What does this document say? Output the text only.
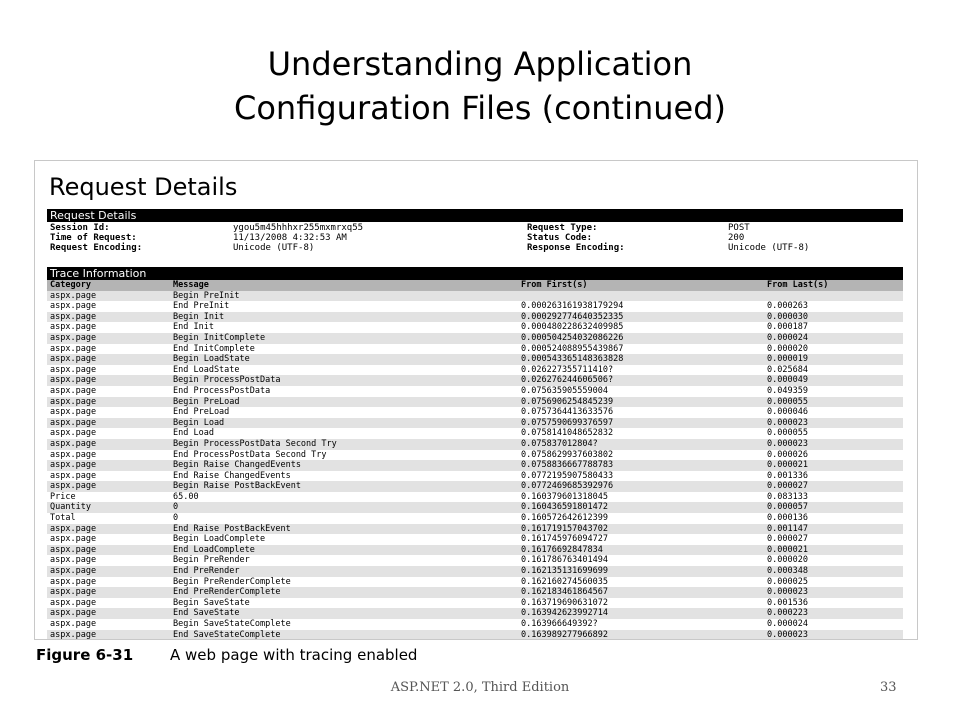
Understanding Application
Configuration Files (continued)
Request Details
Request Details
Session Id:	ygou5m45hhhxr255mxmrxq55	Request Type:	POST
Time of Request:	11/13/2008 4:32:53 AM	Status Code:	200
Request Encoding:	Unicode (UTF-8)	Response Encoding:	Unicode (UTF-8)
Trace Information
Category	Message	From First(s)	From Last(s)
aspx.page	Begin PreInit
aspx.page	End PreInit	0.000263161938179294	0.000263
aspx.page	Begin Init	0.000292774640352335	0.000030
aspx.page	End Init	0.000480228632409985	0.000187
aspx.page	Begin InitComplete	0.000504254032086226	0.000024
aspx.page	End InitComplete	0.000524088955439867	0.000020
aspx.page	Begin LoadState	0.000543365148363828	0.000019
aspx.page	End LoadState	0.026227355711410?	0.025684
aspx.page	Begin ProcessPostData	0.026276244606506?	0.000049
aspx.page	End ProcessPostData	0.075635905559004	0.049359
aspx.page	Begin PreLoad	0.0756906254845239	0.000055
aspx.page	End PreLoad	0.0757364413633576	0.000046
aspx.page	Begin Load	0.0757590699376597	0.000023
aspx.page	End Load	0.0758141048652832	0.000055
aspx.page	Begin ProcessPostData Second Try	0.075837012804?	0.000023
aspx.page	End ProcessPostData Second Try	0.0758629937603802	0.000026
aspx.page	Begin Raise ChangedEvents	0.0758836667788783	0.000021
aspx.page	End Raise ChangedEvents	0.0772195907580433	0.001336
aspx.page	Begin Raise PostBackEvent	0.0772469685392976	0.000027
Price	65.00	0.160379601318045	0.083133
Quantity	0	0.160436591801472	0.000057
Total	0	0.160572642612399	0.000136
aspx.page	End Raise PostBackEvent	0.161719157043702	0.001147
aspx.page	Begin LoadComplete	0.161745976094727	0.000027
aspx.page	End LoadComplete	0.16176692847834	0.000021
aspx.page	Begin PreRender	0.161786763401494	0.000020
aspx.page	End PreRender	0.162135131699699	0.000348
aspx.page	Begin PreRenderComplete	0.162160274560035	0.000025
aspx.page	End PreRenderComplete	0.162183461864567	0.000023
aspx.page	Begin SaveState	0.163719690631072	0.001536
aspx.page	End SaveState	0.163942623992714	0.000223
aspx.page	Begin SaveStateComplete	0.163966649392?	0.000024
aspx.page	End SaveStateComplete	0.163989277966892	0.000023
Figure 6-31 A web page with tracing enabled
ASP.NET 2.0, Third Edition	33
